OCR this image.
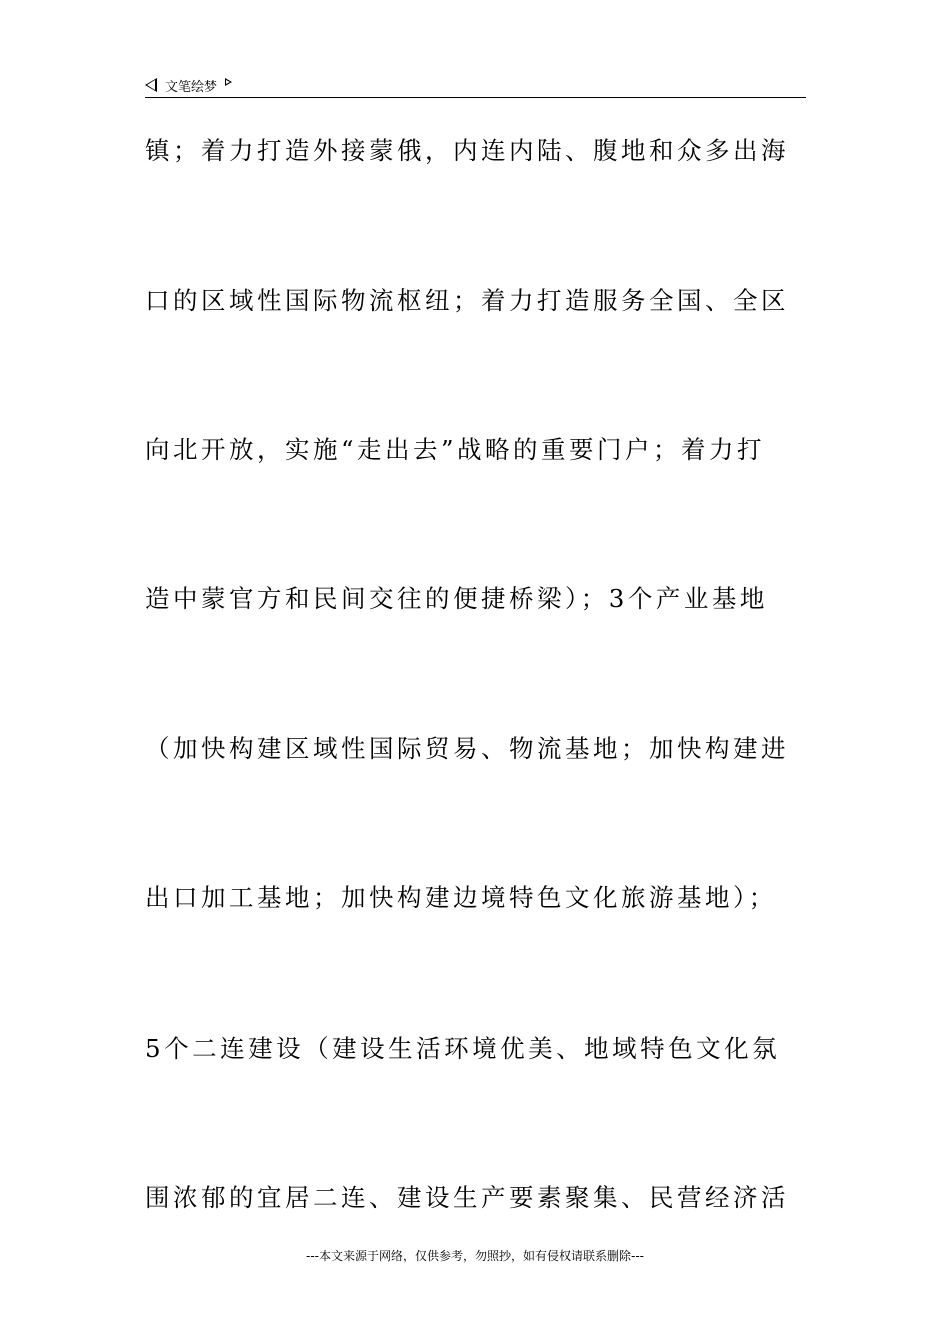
文笔绘梦
镇；着力打造外接蒙俄，内连内陆、腹地和众多出海
口的区域性国际物流枢纽；着力打造服务全国、全区
向北开放，实施“走出去”战略的重要门户；着力打
造中蒙官方和民间交往的便捷桥梁）；3个产业基地
（加快构建区域性国际贸易、物流基地；加快构建进
出口加工基地；加快构建边境特色文化旅游基地）；
5个二连建设（建设生活环境优美、地域特色文化氛
围浓郁的宜居二连、建设生产要素聚集、民营经济活
---本文来源于网络，仅供参考，勿照抄，如有侵权请联系删除---
